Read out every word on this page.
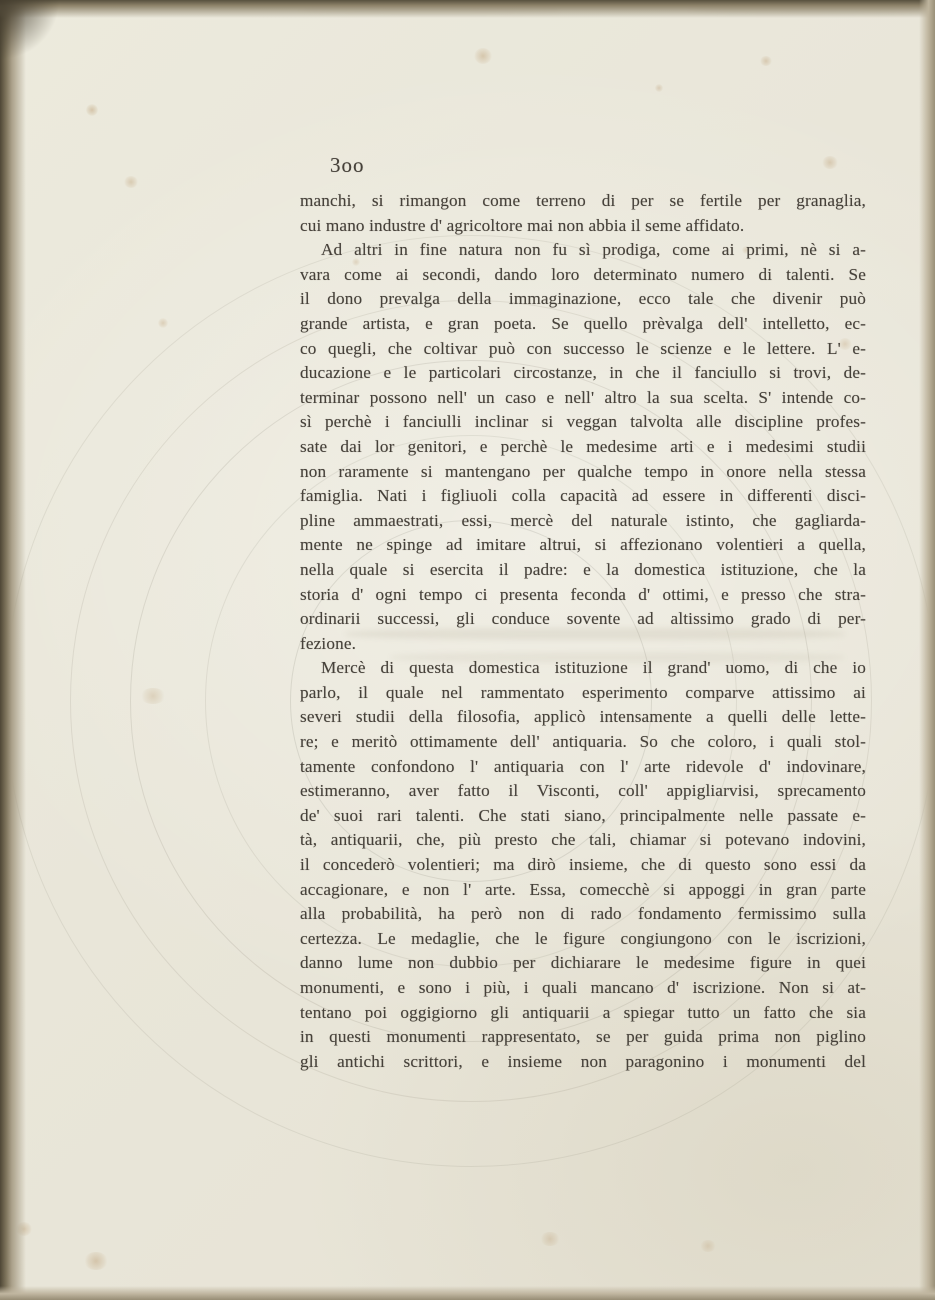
3oo
manchi, si rimangon come terreno di per se fertile per granaglia,
cui mano industre d' agricoltore mai non abbia il seme affidato.
Ad altri in fine natura non fu sì prodiga, come ai primi, nè si a-
vara come ai secondi, dando loro determinato numero di talenti. Se
il dono prevalga della immaginazione, ecco tale che divenir può
grande artista, e gran poeta. Se quello prèvalga dell' intelletto, ec-
co quegli, che coltivar può con successo le scienze e le lettere. L' e-
ducazione e le particolari circostanze, in che il fanciullo si trovi, de-
terminar possono nell' un caso e nell' altro la sua scelta. S' intende co-
sì perchè i fanciulli inclinar si veggan talvolta alle discipline profes-
sate dai lor genitori, e perchè le medesime arti e i medesimi studii
non raramente si mantengano per qualche tempo in onore nella stessa
famiglia. Nati i figliuoli colla capacità ad essere in differenti disci-
pline ammaestrati, essi, mercè del naturale istinto, che gagliarda-
mente ne spinge ad imitare altrui, si affezionano volentieri a quella,
nella quale si esercita il padre: e la domestica istituzione, che la
storia d' ogni tempo ci presenta feconda d' ottimi, e presso che stra-
ordinarii successi, gli conduce sovente ad altissimo grado di per-
fezione.
Mercè di questa domestica istituzione il grand' uomo, di che io
parlo, il quale nel rammentato esperimento comparve attissimo ai
severi studii della filosofia, applicò intensamente a quelli delle lette-
re; e meritò ottimamente dell' antiquaria. So che coloro, i quali stol-
tamente confondono l' antiquaria con l' arte ridevole d' indovinare,
estimeranno, aver fatto il Visconti, coll' appigliarvisi, sprecamento
de' suoi rari talenti. Che stati siano, principalmente nelle passate e-
tà, antiquarii, che, più presto che tali, chiamar si potevano indovini,
il concederò volentieri; ma dirò insieme, che di questo sono essi da
accagionare, e non l' arte. Essa, comecchè si appoggi in gran parte
alla probabilità, ha però non di rado fondamento fermissimo sulla
certezza. Le medaglie, che le figure congiungono con le iscrizioni,
danno lume non dubbio per dichiarare le medesime figure in quei
monumenti, e sono i più, i quali mancano d' iscrizione. Non si at-
tentano poi oggigiorno gli antiquarii a spiegar tutto un fatto che sia
in questi monumenti rappresentato, se per guida prima non piglino
gli antichi scrittori, e insieme non paragonino i monumenti del
